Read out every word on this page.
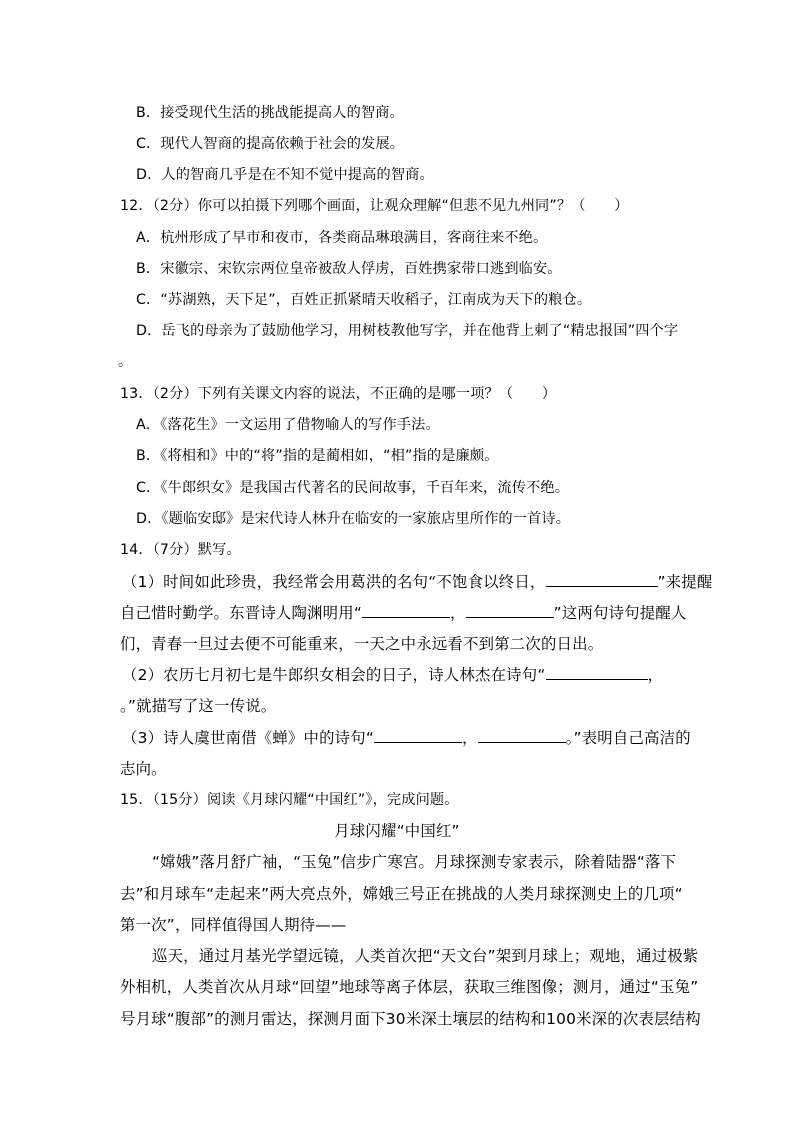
B．接受现代生活的挑战能提高人的智商。
C．现代人智商的提高依赖于社会的发展。
D．人的智商几乎是在不知不觉中提高的智商。
12．（2分）你可以拍摄下列哪个画面，让观众理解“但悲不见九州同”？（　　）
A．杭州形成了早市和夜市，各类商品琳琅满目，客商往来不绝。
B．宋徽宗、宋钦宗两位皇帝被敌人俘虏，百姓携家带口逃到临安。
C．“苏湖熟，天下足”，百姓正抓紧晴天收稻子，江南成为天下的粮仓。
D．岳飞的母亲为了鼓励他学习，用树枝教他写字，并在他背上刺了“精忠报国”四个字
。
13．（2分）下列有关课文内容的说法，不正确的是哪一项？（　　）
A．《落花生》一文运用了借物喻人的写作手法。
B．《将相和》中的“将”指的是蔺相如，“相”指的是廉颇。
C．《牛郎织女》是我国古代著名的民间故事，千百年来，流传不绝。
D．《题临安邸》是宋代诗人林升在临安的一家旅店里所作的一首诗。
14．（7分）默写。
（1）时间如此珍贵，我经常会用葛洪的名句“不饱食以终日，	”来提醒
自己惜时勤学。东晋诗人陶渊明用“	，	”这两句诗句提醒人
们，青春一旦过去便不可能重来，一天之中永远看不到第二次的日出。
（2）农历七月初七是牛郎织女相会的日子，诗人林杰在诗句“	，
。”就描写了这一传说。
（3）诗人虞世南借《蝉》中的诗句“	，	。”表明自己高洁的
志向。
15．（15分）阅读《月球闪耀“中国红”》，完成问题。
月球闪耀“中国红”
“嫦娥”落月舒广袖，“玉兔”信步广寒宫。月球探测专家表示，除着陆器“落下
去”和月球车“走起来”两大亮点外，嫦娥三号正在挑战的人类月球探测史上的几项“
第一次”，同样值得国人期待——
巡天，通过月基光学望远镜，人类首次把“天文台”架到月球上；观地，通过极紫
外相机，人类首次从月球“回望”地球等离子体层，获取三维图像；测月，通过“玉兔”
号月球“腹部”的测月雷达，探测月面下30米深土壤层的结构和100米深的次表层结构
